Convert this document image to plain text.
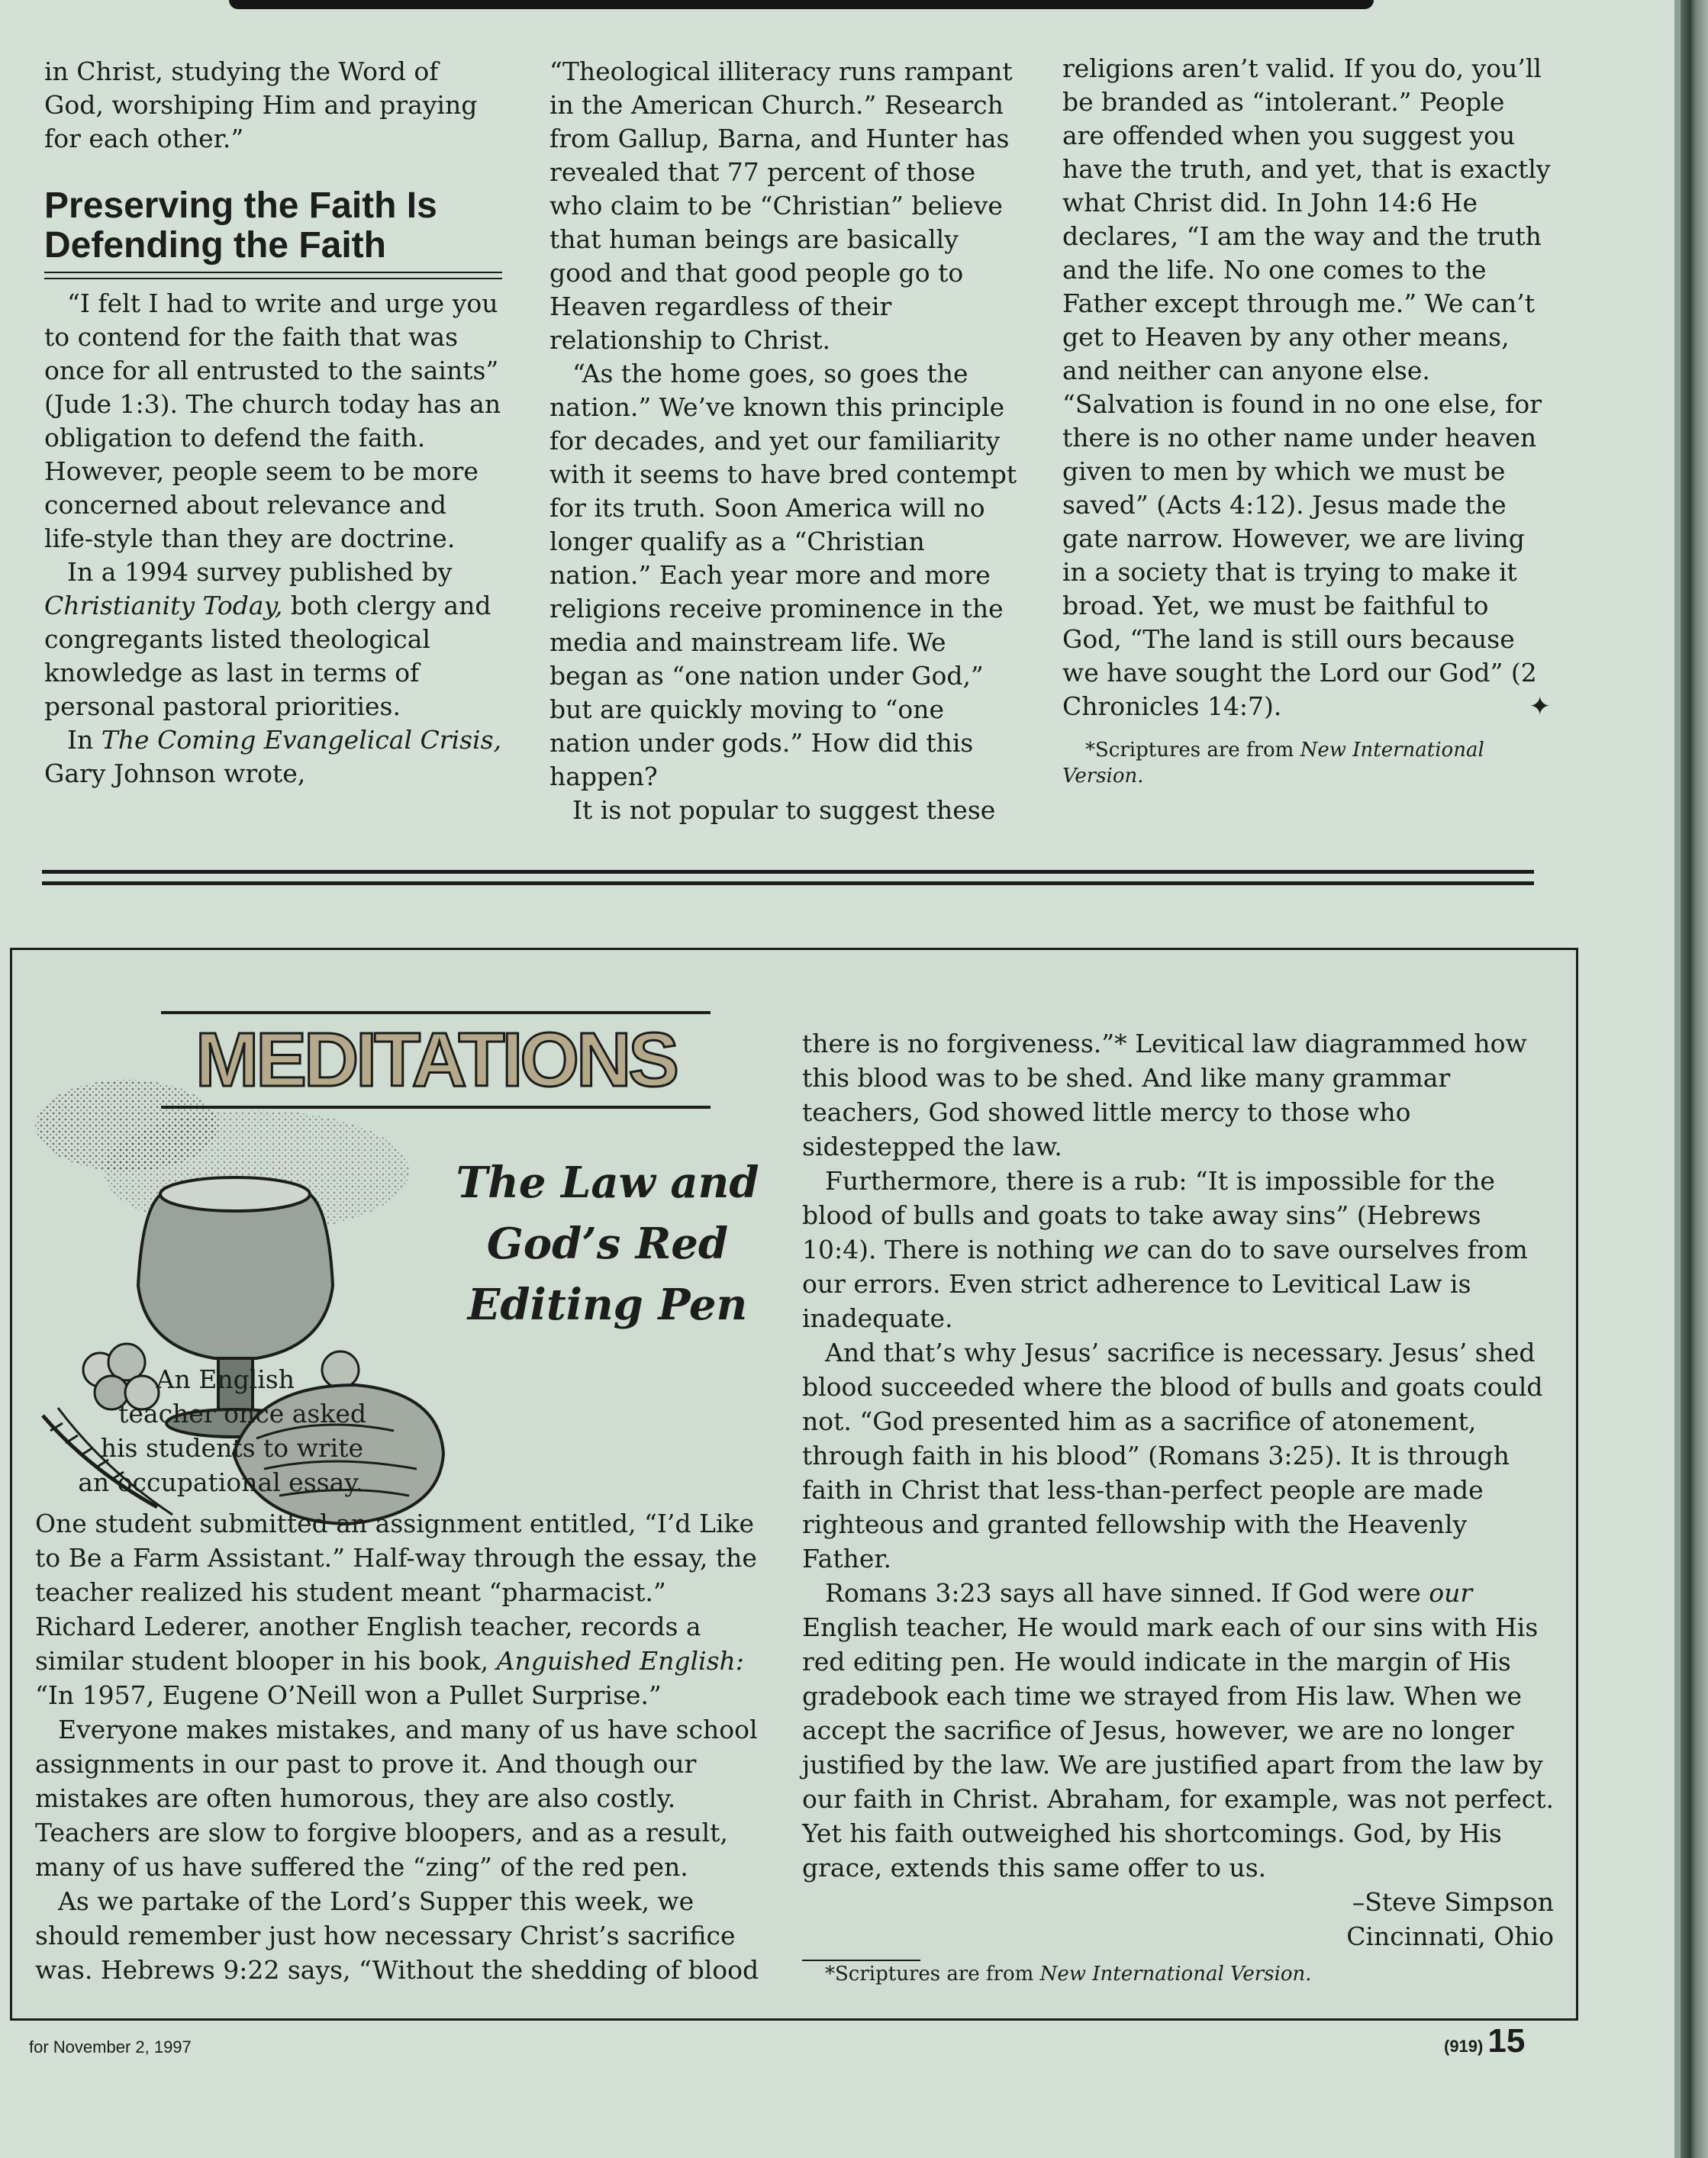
in Christ, studying the Word of God, worshiping Him and praying for each other.”

Preserving the Faith Is Defending the Faith

“I felt I had to write and urge you to contend for the faith that was once for all entrusted to the saints” (Jude 1:3). The church today has an obligation to defend the faith. However, people seem to be more concerned about relevance and life-style than they are doctrine.

In a 1994 survey published by Christianity Today, both clergy and congregants listed theological knowledge as last in terms of personal pastoral priorities.

In The Coming Evangelical Crisis, Gary Johnson wrote,

“Theological illiteracy runs rampant in the American Church.” Research from Gallup, Barna, and Hunter has revealed that 77 percent of those who claim to be “Christian” believe that human beings are basically good and that good people go to Heaven regardless of their relationship to Christ.

“As the home goes, so goes the nation.” We’ve known this principle for decades, and yet our familiarity with it seems to have bred contempt for its truth. Soon America will no longer qualify as a “Christian nation.” Each year more and more religions receive prominence in the media and mainstream life. We began as “one nation under God,” but are quickly moving to “one nation under gods.” How did this happen?

It is not popular to suggest these

religions aren’t valid. If you do, you’ll be branded as “intolerant.” People are offended when you suggest you have the truth, and yet, that is exactly what Christ did. In John 14:6 He declares, “I am the way and the truth and the life. No one comes to the Father except through me.” We can’t get to Heaven by any other means, and neither can anyone else. “Salvation is found in no one else, for there is no other name under heaven given to men by which we must be saved” (Acts 4:12). Jesus made the gate narrow. However, we are living in a society that is trying to make it broad. Yet, we must be faithful to God, “The land is still ours because we have sought the Lord our God” (2 Chronicles 14:7).	✦

*Scriptures are from New International Version.

MEDITATIONS
The Law and
God’s Red
Editing Pen
An English
teacher once asked
his students to write
an occupational essay.

One student submitted an assignment entitled, “I’d Like to Be a Farm Assistant.” Half-way through the essay, the teacher realized his student meant “pharmacist.” Richard Lederer, another English teacher, records a similar student blooper in his book, Anguished English: “In 1957, Eugene O’Neill won a Pullet Surprise.”

Everyone makes mistakes, and many of us have school assignments in our past to prove it. And though our mistakes are often humorous, they are also costly. Teachers are slow to forgive bloopers, and as a result, many of us have suffered the “zing” of the red pen.

As we partake of the Lord’s Supper this week, we should remember just how necessary Christ’s sacrifice was. Hebrews 9:22 says, “Without the shedding of blood

there is no forgiveness.”* Levitical law diagrammed how this blood was to be shed. And like many grammar teachers, God showed little mercy to those who sidestepped the law.

Furthermore, there is a rub: “It is impossible for the blood of bulls and goats to take away sins” (Hebrews 10:4). There is nothing we can do to save ourselves from our errors. Even strict adherence to Levitical Law is inadequate.

And that’s why Jesus’ sacrifice is necessary. Jesus’ shed blood succeeded where the blood of bulls and goats could not. “God presented him as a sacrifice of atonement, through faith in his blood” (Romans 3:25). It is through faith in Christ that less-than-perfect people are made righteous and granted fellowship with the Heavenly Father.

Romans 3:23 says all have sinned. If God were our English teacher, He would mark each of our sins with His red editing pen. He would indicate in the margin of His gradebook each time we strayed from His law. When we accept the sacrifice of Jesus, however, we are no longer justified by the law. We are justified apart from the law by our faith in Christ. Abraham, for example, was not perfect. Yet his faith outweighed his shortcomings. God, by His grace, extends this same offer to us.

–Steve Simpson

Cincinnati, Ohio

*Scriptures are from New International Version.

for November 2, 1997	(919) 15
